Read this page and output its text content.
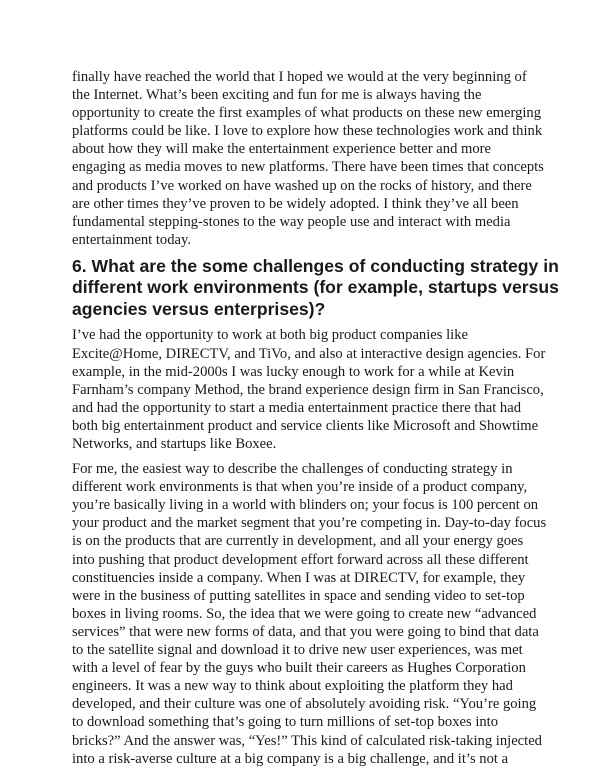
finally have reached the world that I hoped we would at the very beginning of
the Internet. What’s been exciting and fun for me is always having the
opportunity to create the first examples of what products on these new emerging
platforms could be like. I love to explore how these technologies work and think
about how they will make the entertainment experience better and more
engaging as media moves to new platforms. There have been times that concepts
and products I’ve worked on have washed up on the rocks of history, and there
are other times they’ve proven to be widely adopted. I think they’ve all been
fundamental stepping-stones to the way people use and interact with media
entertainment today.

6. What are the some challenges of conducting strategy in
different work environments (for example, startups versus
agencies versus enterprises)?

I’ve had the opportunity to work at both big product companies like
Excite@Home, DIRECTV, and TiVo, and also at interactive design agencies. For
example, in the mid-2000s I was lucky enough to work for a while at Kevin
Farnham’s company Method, the brand experience design firm in San Francisco,
and had the opportunity to start a media entertainment practice there that had
both big entertainment product and service clients like Microsoft and Showtime
Networks, and startups like Boxee.

For me, the easiest way to describe the challenges of conducting strategy in
different work environments is that when you’re inside of a product company,
you’re basically living in a world with blinders on; your focus is 100 percent on
your product and the market segment that you’re competing in. Day-to-day focus
is on the products that are currently in development, and all your energy goes
into pushing that product development effort forward across all these different
constituencies inside a company. When I was at DIRECTV, for example, they
were in the business of putting satellites in space and sending video to set-top
boxes in living rooms. So, the idea that we were going to create new “advanced
services” that were new forms of data, and that you were going to bind that data
to the satellite signal and download it to drive new user experiences, was met
with a level of fear by the guys who built their careers as Hughes Corporation
engineers. It was a new way to think about exploiting the platform they had
developed, and their culture was one of absolutely avoiding risk. “You’re going
to download something that’s going to turn millions of set-top boxes into
bricks?” And the answer was, “Yes!” This kind of calculated risk-taking injected
into a risk-averse culture at a big company is a big challenge, and it’s not a
